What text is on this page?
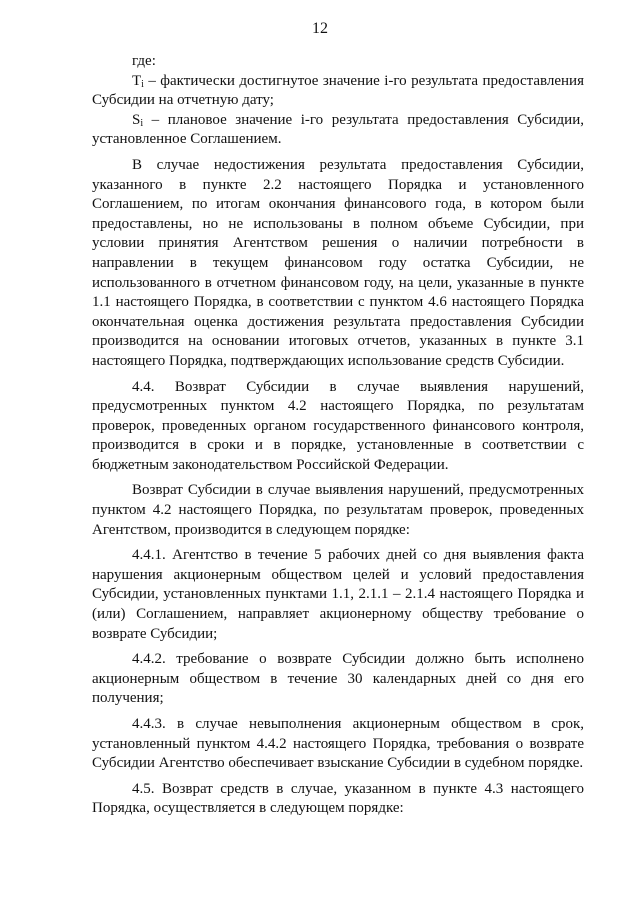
12

где:

$Т_i$ – фактически достигнутое значение i-го результата предоставления Субсидии на отчетную дату;

$S_i$ – плановое значение i-го результата предоставления Субсидии, установленное Соглашением.

В случае недостижения результата предоставления Субсидии, указанного в пункте 2.2 настоящего Порядка и установленного Соглашением, по итогам окончания финансового года, в котором были предоставлены, но не использованы в полном объеме Субсидии, при условии принятия Агентством решения о наличии потребности в направлении в текущем финансовом году остатка Субсидии, не использованного в отчетном финансовом году, на цели, указанные в пункте 1.1 настоящего Порядка, в соответствии с пунктом 4.6 настоящего Порядка окончательная оценка достижения результата предоставления Субсидии производится на основании итоговых отчетов, указанных в пункте 3.1 настоящего Порядка, подтверждающих использование средств Субсидии.

4.4. Возврат Субсидии в случае выявления нарушений, предусмотренных пунктом 4.2 настоящего Порядка, по результатам проверок, проведенных органом государственного финансового контроля, производится в сроки и в порядке, установленные в соответствии с бюджетным законодательством Российской Федерации.

Возврат Субсидии в случае выявления нарушений, предусмотренных пунктом 4.2 настоящего Порядка, по результатам проверок, проведенных Агентством, производится в следующем порядке:

4.4.1. Агентство в течение 5 рабочих дней со дня выявления факта нарушения акционерным обществом целей и условий предоставления Субсидии, установленных пунктами 1.1, 2.1.1 – 2.1.4 настоящего Порядка и (или) Соглашением, направляет акционерному обществу требование о возврате Субсидии;

4.4.2. требование о возврате Субсидии должно быть исполнено акционерным обществом в течение 30 календарных дней со дня его получения;

4.4.3. в случае невыполнения акционерным обществом в срок, установленный пунктом 4.4.2 настоящего Порядка, требования о возврате Субсидии Агентство обеспечивает взыскание Субсидии в судебном порядке.

4.5. Возврат средств в случае, указанном в пункте 4.3 настоящего Порядка, осуществляется в следующем порядке:
